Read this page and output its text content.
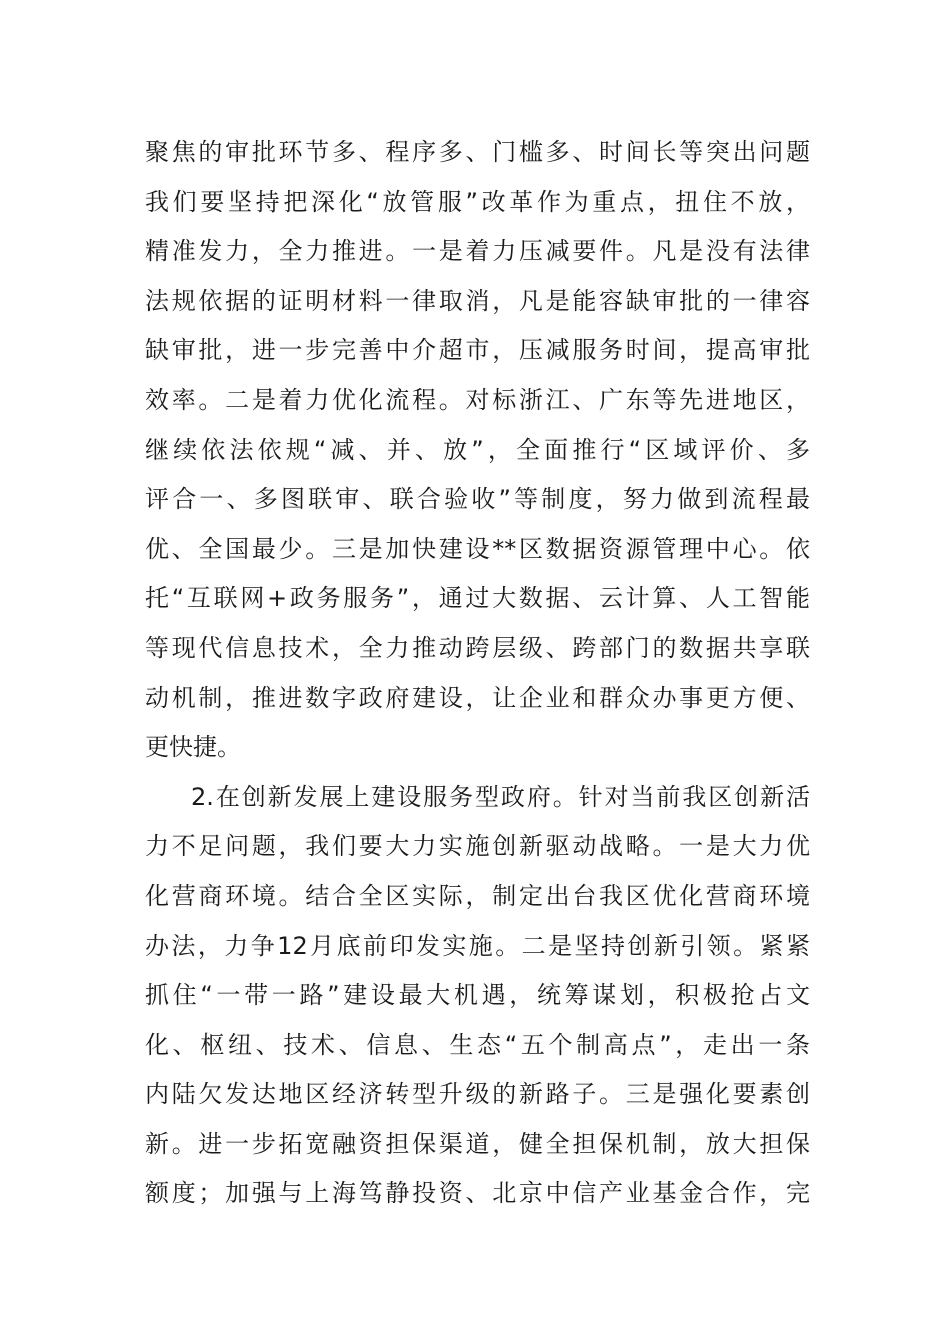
聚焦的审批环节多、程序多、门槛多、时间长等突出问题
我们要坚持把深化“放管服”改革作为重点，扭住不放，
精准发力，全力推进。一是着力压减要件。凡是没有法律
法规依据的证明材料一律取消，凡是能容缺审批的一律容
缺审批，进一步完善中介超市，压减服务时间，提高审批
效率。二是着力优化流程。对标浙江、广东等先进地区，
继续依法依规“减、并、放”，全面推行“区域评价、多
评合一、多图联审、联合验收”等制度，努力做到流程最
优、全国最少。三是加快建设**区数据资源管理中心。依
托“互联网+政务服务”，通过大数据、云计算、人工智能
等现代信息技术，全力推动跨层级、跨部门的数据共享联
动机制，推进数字政府建设，让企业和群众办事更方便、
更快捷。
2.在创新发展上建设服务型政府。针对当前我区创新活
力不足问题，我们要大力实施创新驱动战略。一是大力优
化营商环境。结合全区实际，制定出台我区优化营商环境
办法，力争12月底前印发实施。二是坚持创新引领。紧紧
抓住“一带一路”建设最大机遇，统筹谋划，积极抢占文
化、枢纽、技术、信息、生态“五个制高点”，走出一条
内陆欠发达地区经济转型升级的新路子。三是强化要素创
新。进一步拓宽融资担保渠道，健全担保机制，放大担保
额度；加强与上海笃静投资、北京中信产业基金合作，完
